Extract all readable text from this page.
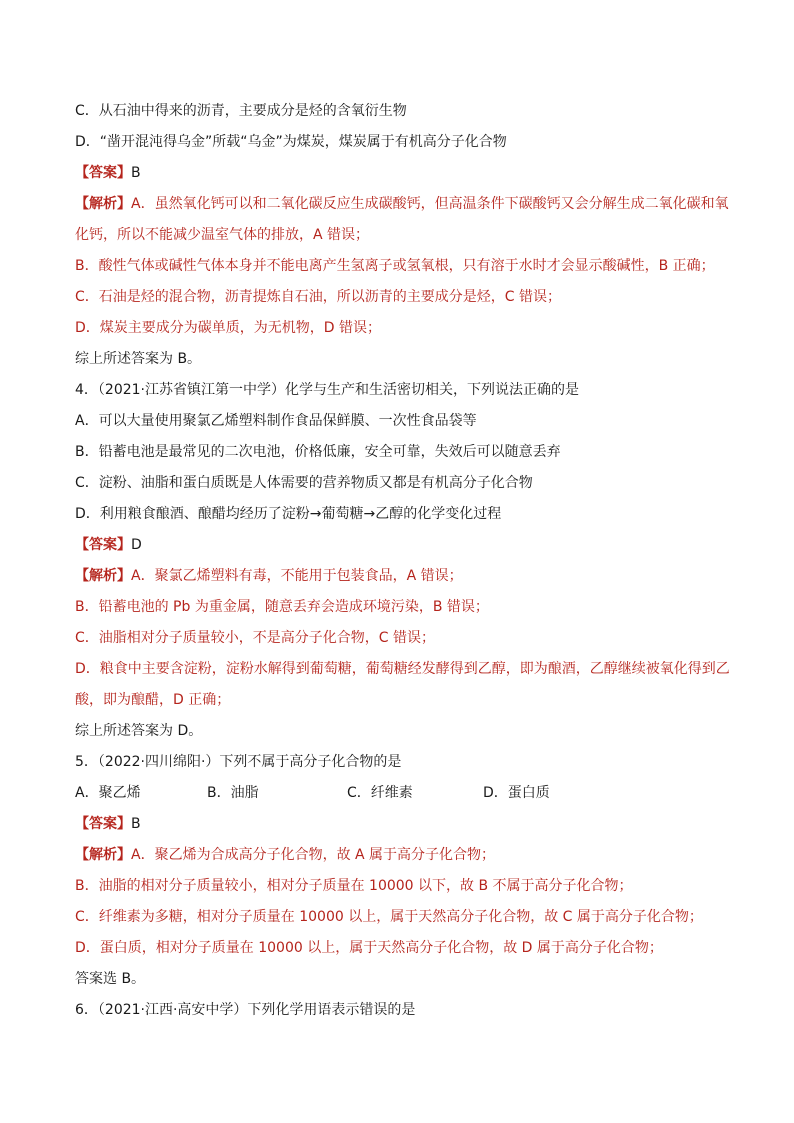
C．从石油中得来的沥青，主要成分是烃的含氧衍生物
D．“凿开混沌得乌金”所载“乌金”为煤炭，煤炭属于有机高分子化合物
【答案】B
【解析】A．虽然氧化钙可以和二氧化碳反应生成碳酸钙，但高温条件下碳酸钙又会分解生成二氧化碳和氧
化钙，所以不能减少温室气体的排放，A 错误；
B．酸性气体或碱性气体本身并不能电离产生氢离子或氢氧根，只有溶于水时才会显示酸碱性，B 正确；
C．石油是烃的混合物，沥青提炼自石油，所以沥青的主要成分是烃，C 错误；
D．煤炭主要成分为碳单质，为无机物，D 错误；
综上所述答案为 B。
4．（2021·江苏省镇江第一中学）化学与生产和生活密切相关，下列说法正确的是
A．可以大量使用聚氯乙烯塑料制作食品保鲜膜、一次性食品袋等
B．铅蓄电池是最常见的二次电池，价格低廉，安全可靠，失效后可以随意丢弃
C．淀粉、油脂和蛋白质既是人体需要的营养物质又都是有机高分子化合物
D．利用粮食酿酒、酿醋均经历了淀粉→葡萄糖→乙醇的化学变化过程
【答案】D
【解析】A．聚氯乙烯塑料有毒，不能用于包装食品，A 错误；
B．铅蓄电池的 Pb 为重金属，随意丢弃会造成环境污染，B 错误；
C．油脂相对分子质量较小，不是高分子化合物，C 错误；
D．粮食中主要含淀粉，淀粉水解得到葡萄糖，葡萄糖经发酵得到乙醇，即为酿酒，乙醇继续被氧化得到乙
酸，即为酿醋，D 正确；
综上所述答案为 D。
5．（2022·四川绵阳·）下列不属于高分子化合物的是
A．聚乙烯	B．油脂	C．纤维素	D．蛋白质
【答案】B
【解析】A．聚乙烯为合成高分子化合物，故 A 属于高分子化合物；
B．油脂的相对分子质量较小，相对分子质量在 10000 以下，故 B 不属于高分子化合物；
C．纤维素为多糖，相对分子质量在 10000 以上，属于天然高分子化合物，故 C 属于高分子化合物；
D．蛋白质，相对分子质量在 10000 以上，属于天然高分子化合物，故 D 属于高分子化合物；
答案选 B。
6．（2021·江西·高安中学）下列化学用语表示错误的是
